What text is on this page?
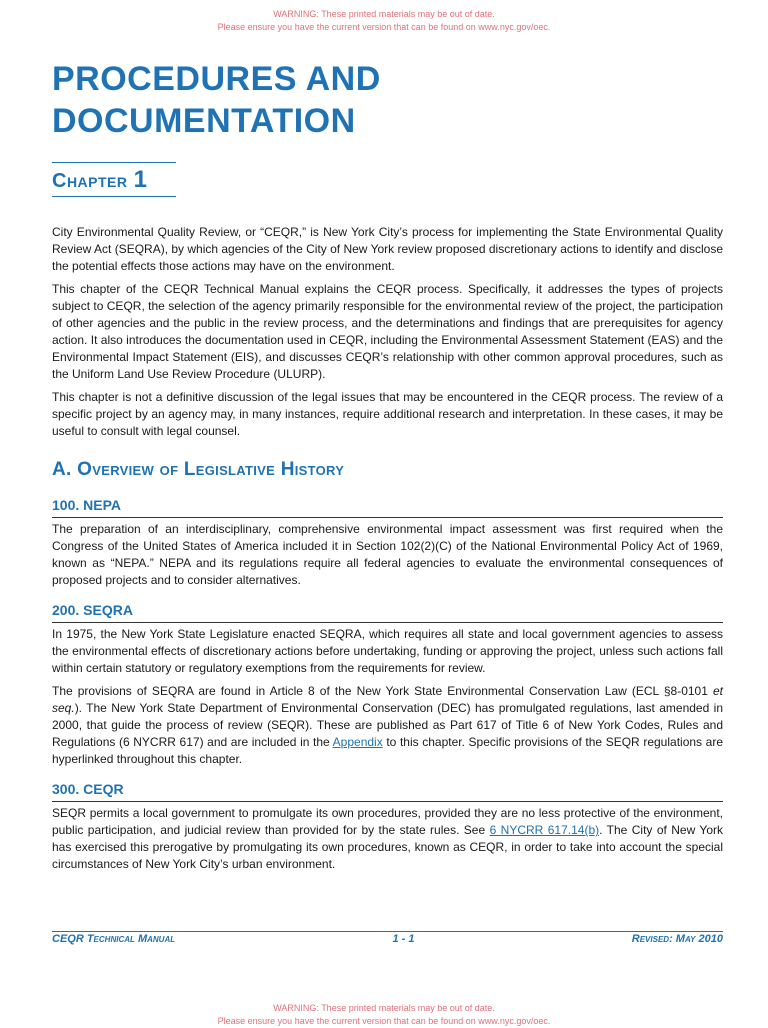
WARNING: These printed materials may be out of date.
Please ensure you have the current version that can be found on www.nyc.gov/oec.
PROCEDURES AND
DOCUMENTATION
Chapter 1

City Environmental Quality Review, or “CEQR,” is New York City’s process for implementing the State Environmental Quality Review Act (SEQRA), by which agencies of the City of New York review proposed discretionary actions to identify and disclose the potential effects those actions may have on the environment.

This chapter of the CEQR Technical Manual explains the CEQR process. Specifically, it addresses the types of projects subject to CEQR, the selection of the agency primarily responsible for the environmental review of the project, the participation of other agencies and the public in the review process, and the determinations and findings that are prerequisites for agency action. It also introduces the documentation used in CEQR, including the Environmental Assessment Statement (EAS) and the Environmental Impact Statement (EIS), and discusses CEQR’s relationship with other common approval procedures, such as the Uniform Land Use Review Procedure (ULURP).

This chapter is not a definitive discussion of the legal issues that may be encountered in the CEQR process. The review of a specific project by an agency may, in many instances, require additional research and interpretation. In these cases, it may be useful to consult with legal counsel.

A. Overview of Legislative History
100. NEPA

The preparation of an interdisciplinary, comprehensive environmental impact assessment was first required when the Congress of the United States of America included it in Section 102(2)(C) of the National Environmental Policy Act of 1969, known as “NEPA.” NEPA and its regulations require all federal agencies to evaluate the environmental consequences of proposed projects and to consider alternatives.

200. SEQRA

In 1975, the New York State Legislature enacted SEQRA, which requires all state and local government agencies to assess the environmental effects of discretionary actions before undertaking, funding or approving the project, unless such actions fall within certain statutory or regulatory exemptions from the requirements for review.

The provisions of SEQRA are found in Article 8 of the New York State Environmental Conservation Law (ECL §8-0101 et seq.). The New York State Department of Environmental Conservation (DEC) has promulgated regulations, last amended in 2000, that guide the process of review (SEQR). These are published as Part 617 of Title 6 of New York Codes, Rules and Regulations (6 NYCRR 617) and are included in the Appendix to this chapter. Specific provisions of the SEQR regulations are hyperlinked throughout this chapter.

300. CEQR

SEQR permits a local government to promulgate its own procedures, provided they are no less protective of the environment, public participation, and judicial review than provided for by the state rules. See 6 NYCRR 617.14(b). The City of New York has exercised this prerogative by promulgating its own procedures, known as CEQR, in order to take into account the special circumstances of New York City’s urban environment.

CEQR Technical Manual	1 - 1	Revised: May 2010
WARNING: These printed materials may be out of date.
Please ensure you have the current version that can be found on www.nyc.gov/oec.
